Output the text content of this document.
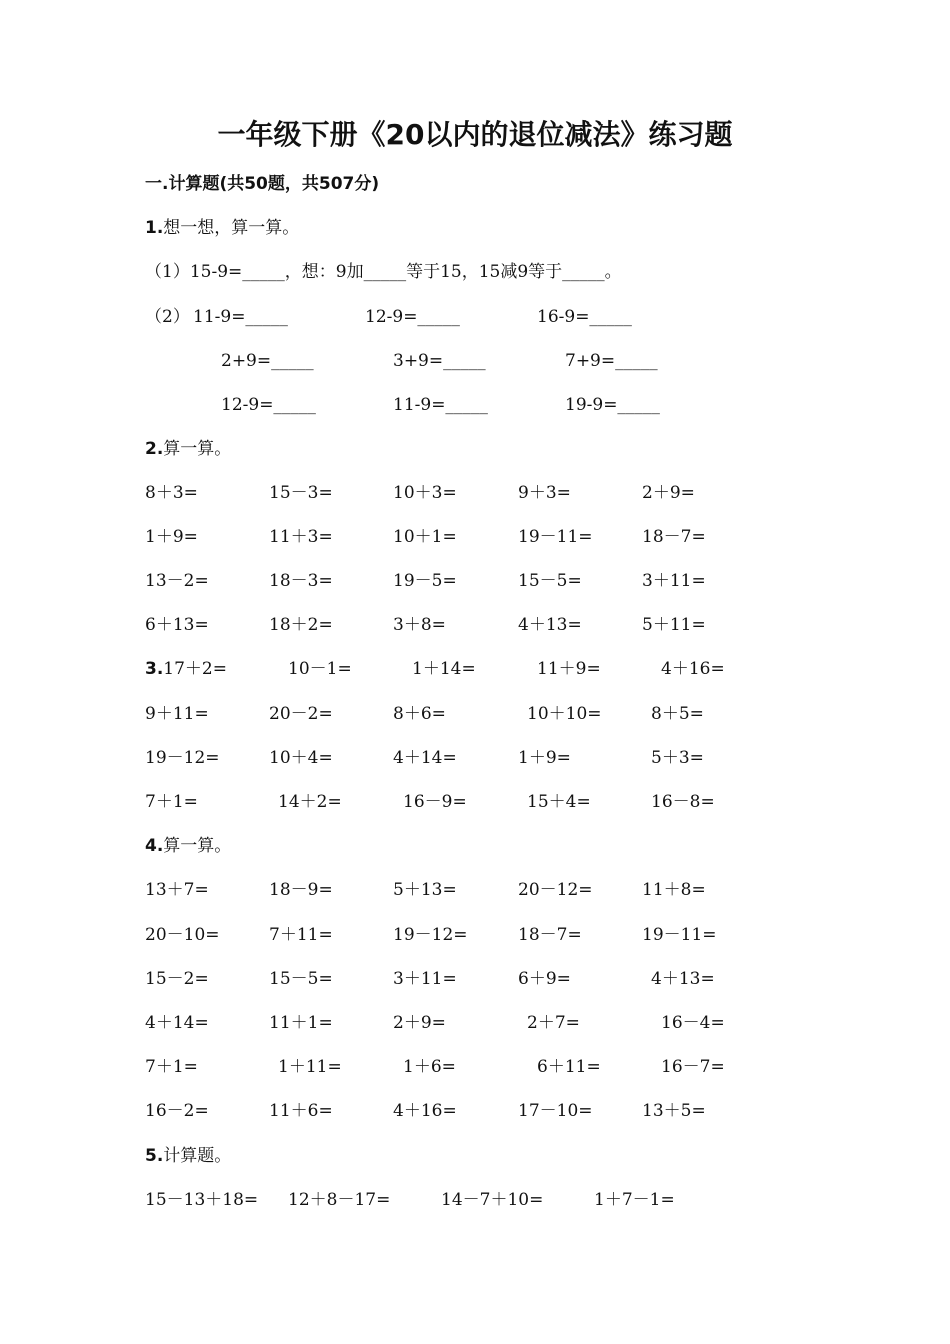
一年级下册《20以内的退位减法》练习题
一.计算题(共50题，共507分)
1.想一想，算一算。
（1）15-9=_____，想：9加_____等于15，15减9等于_____。
（2） 11-9=_____	12-9=_____	16-9=_____
2+9=_____	3+9=_____	7+9=_____
12-9=_____	11-9=_____	19-9=_____
2.算一算。
8＋3=	15－3=	10＋3=	9＋3=	2＋9=
1＋9=	11＋3=	10＋1=	19－11=	18－7=
13－2=	18－3=	19－5=	15－5=	3＋11=
6＋13=	18＋2=	3＋8=	4＋13=	5＋11=
3.17＋2=	10－1=	1＋14=	11＋9=	4＋16=
9＋11=	20－2=	8＋6=	10＋10=	8＋5=
19－12=	10＋4=	4＋14=	1＋9=	5＋3=
7＋1=	14＋2=	16－9=	15＋4=	16－8=
4.算一算。
13＋7=	18－9=	5＋13=	20－12=	11＋8=
20－10=	7＋11=	19－12=	18－7=	19－11=
15－2=	15－5=	3＋11=	6＋9=	4＋13=
4＋14=	11＋1=	2＋9=	2＋7=	16－4=
7＋1=	1＋11=	1＋6=	6＋11=	16－7=
16－2=	11＋6=	4＋16=	17－10=	13＋5=
5.计算题。
15－13＋18= 12＋8－17=	14－7＋10=	1＋7－1=
